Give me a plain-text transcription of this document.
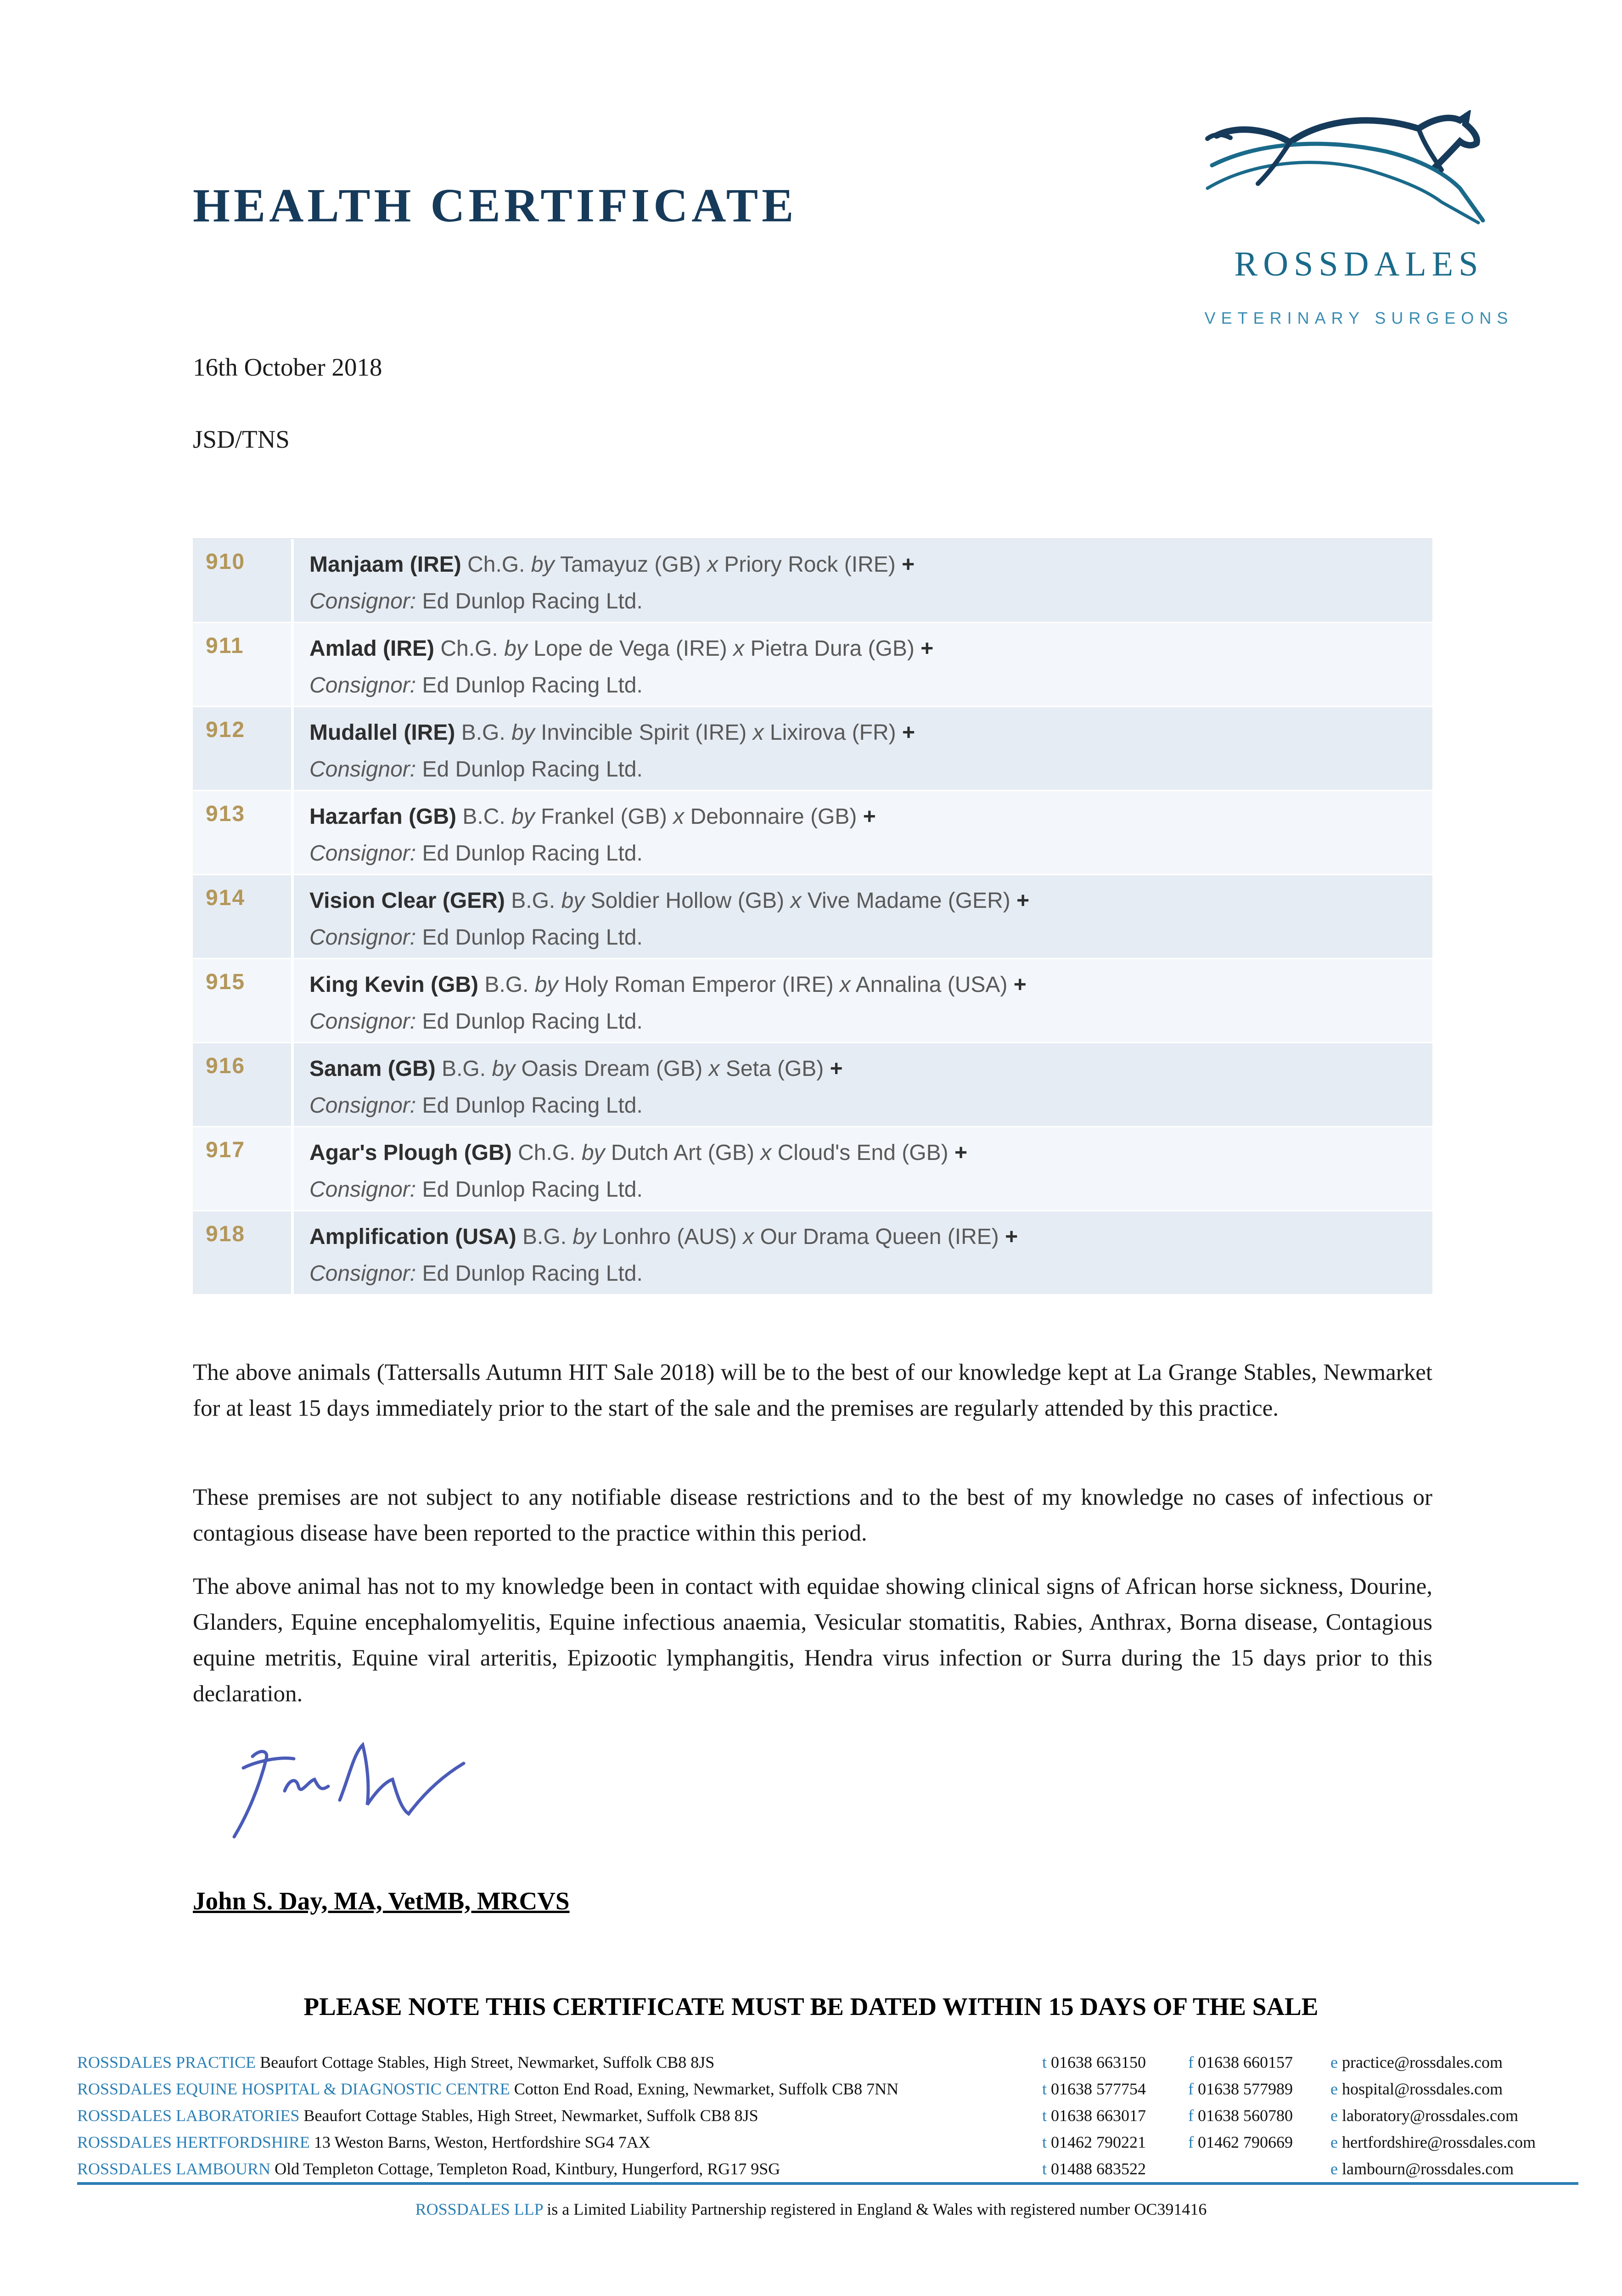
HEALTH CERTIFICATE
ROSSDALES
VETERINARY SURGEONS
16th October 2018
JSD/TNS
910	Manjaam (IRE) Ch.G. by Tamayuz (GB) x Priory Rock (IRE) +
Consignor: Ed Dunlop Racing Ltd.
911	Amlad (IRE) Ch.G. by Lope de Vega (IRE) x Pietra Dura (GB) +
Consignor: Ed Dunlop Racing Ltd.
912	Mudallel (IRE) B.G. by Invincible Spirit (IRE) x Lixirova (FR) +
Consignor: Ed Dunlop Racing Ltd.
913	Hazarfan (GB) B.C. by Frankel (GB) x Debonnaire (GB) +
Consignor: Ed Dunlop Racing Ltd.
914	Vision Clear (GER) B.G. by Soldier Hollow (GB) x Vive Madame (GER) +
Consignor: Ed Dunlop Racing Ltd.
915	King Kevin (GB) B.G. by Holy Roman Emperor (IRE) x Annalina (USA) +
Consignor: Ed Dunlop Racing Ltd.
916	Sanam (GB) B.G. by Oasis Dream (GB) x Seta (GB) +
Consignor: Ed Dunlop Racing Ltd.
917	Agar's Plough (GB) Ch.G. by Dutch Art (GB) x Cloud's End (GB) +
Consignor: Ed Dunlop Racing Ltd.
918	Amplification (USA) B.G. by Lonhro (AUS) x Our Drama Queen (IRE) +
Consignor: Ed Dunlop Racing Ltd.

The above animals (Tattersalls Autumn HIT Sale 2018) will be to the best of our knowledge kept at La Grange Stables, Newmarket for at least 15 days immediately prior to the start of the sale and the premises are regularly attended by this practice.

These premises are not subject to any notifiable disease restrictions and to the best of my knowledge no cases of infectious or contagious disease have been reported to the practice within this period.

The above animal has not to my knowledge been in contact with equidae showing clinical signs of African horse sickness, Dourine, Glanders, Equine encephalomyelitis, Equine infectious anaemia, Vesicular stomatitis, Rabies, Anthrax, Borna disease, Contagious equine metritis, Equine viral arteritis, Epizootic lymphangitis, Hendra virus infection or Surra during the 15 days prior to this declaration.

John S. Day, MA, VetMB, MRCVS
PLEASE NOTE THIS CERTIFICATE MUST BE DATED WITHIN 15 DAYS OF THE SALE
ROSSDALES PRACTICE Beaufort Cottage Stables, High Street, Newmarket, Suffolk CB8 8JS	t 01638 663150	f 01638 660157 e practice@rossdales.com
ROSSDALES EQUINE HOSPITAL & DIAGNOSTIC CENTRE Cotton End Road, Exning, Newmarket, Suffolk CB8 7NN	t 01638 577754	f 01638 577989 e hospital@rossdales.com
ROSSDALES LABORATORIES Beaufort Cottage Stables, High Street, Newmarket, Suffolk CB8 8JS	t 01638 663017	f 01638 560780 e laboratory@rossdales.com
ROSSDALES HERTFORDSHIRE 13 Weston Barns, Weston, Hertfordshire SG4 7AX	t 01462 790221	f 01462 790669 e hertfordshire@rossdales.com
ROSSDALES LAMBOURN Old Templeton Cottage, Templeton Road, Kintbury, Hungerford, RG17 9SG	t 01488 683522	e lambourn@rossdales.com
ROSSDALES LLP is a Limited Liability Partnership registered in England & Wales with registered number OC391416
